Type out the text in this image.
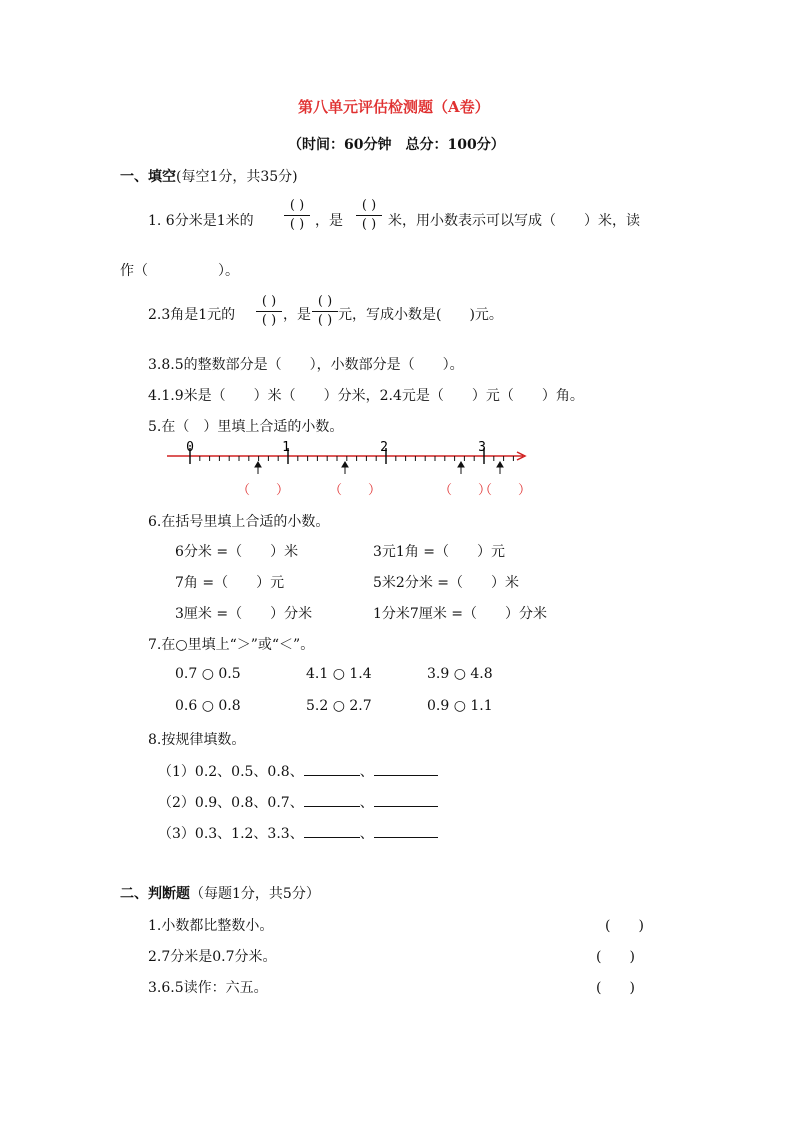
第八单元评估检测题（A卷）
（时间：60分钟　总分：100分）
一、填空(每空1分，共35分)
1. 6分米是1米的
( )
( ) ，是
( )
( ) 米，用小数表示可以写成（　　）米，读
作（　　　　　）。
2.3角是1元的
( )
( ) ，是
( )
( ) 元，写成小数是(　　)元。
3.8.5的整数部分是（　　），小数部分是（　　）。
4.1.9米是（　　）米（　　）分米，2.4元是（　　）元（　　）角。
5.在（　）里填上合适的小数。
0	1	2	3
（　　）	（　　）	（　　）
（　　）
6.在括号里填上合适的小数。
6分米 =（　　）米	3元1角 =（　　）元
7角 =（　　）元	5米2分米 =（　　）米
3厘米 =（　　）分米	1分米7厘米 =（　　）分米
7.在○里填上“＞”或“＜”。
0.7 ○ 0.5	4.1 ○ 1.4	3.9 ○ 4.8
0.6 ○ 0.8	5.2 ○ 2.7	0.9 ○ 1.1
8.按规律填数。
（1）0.2、0.5、0.8、	、
（2）0.9、0.8、0.7、	、
（3）0.3、1.2、3.3、	、
二、判断题（每题1分，共5分）
1.小数都比整数小。	(　　)
2.7分米是0.7分米。	(　　)
3.6.5读作：六五。	(　　)
